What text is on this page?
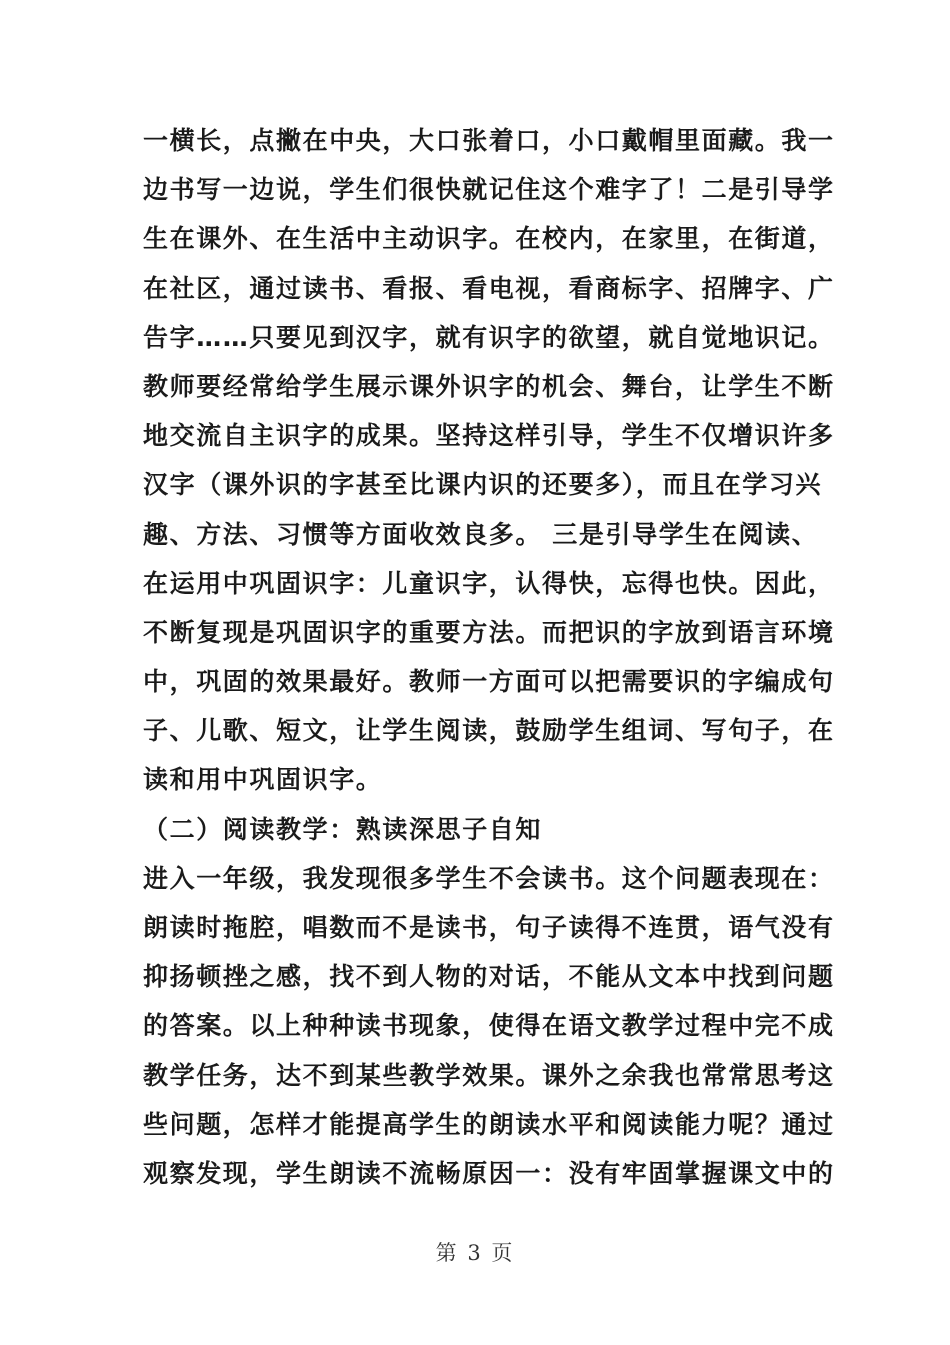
一横长，点撇在中央，大口张着口，小口戴帽里面藏。我一
边书写一边说，学生们很快就记住这个难字了！二是引导学
生在课外、在生活中主动识字。在校内，在家里，在街道，
在社区，通过读书、看报、看电视，看商标字、招牌字、广
告字……只要见到汉字，就有识字的欲望，就自觉地识记。
教师要经常给学生展示课外识字的机会、舞台，让学生不断
地交流自主识字的成果。坚持这样引导，学生不仅增识许多
汉字（课外识的字甚至比课内识的还要多），而且在学习兴
趣、方法、习惯等方面收效良多。 三是引导学生在阅读、
在运用中巩固识字：儿童识字，认得快，忘得也快。因此，
不断复现是巩固识字的重要方法。而把识的字放到语言环境
中，巩固的效果最好。教师一方面可以把需要识的字编成句
子、儿歌、短文，让学生阅读，鼓励学生组词、写句子，在
读和用中巩固识字。
（二）阅读教学：熟读深思子自知
进入一年级，我发现很多学生不会读书。这个问题表现在：
朗读时拖腔，唱数而不是读书，句子读得不连贯，语气没有
抑扬顿挫之感，找不到人物的对话，不能从文本中找到问题
的答案。以上种种读书现象，使得在语文教学过程中完不成
教学任务，达不到某些教学效果。课外之余我也常常思考这
些问题，怎样才能提高学生的朗读水平和阅读能力呢？通过
观察发现，学生朗读不流畅原因一：没有牢固掌握课文中的
第 3 页
